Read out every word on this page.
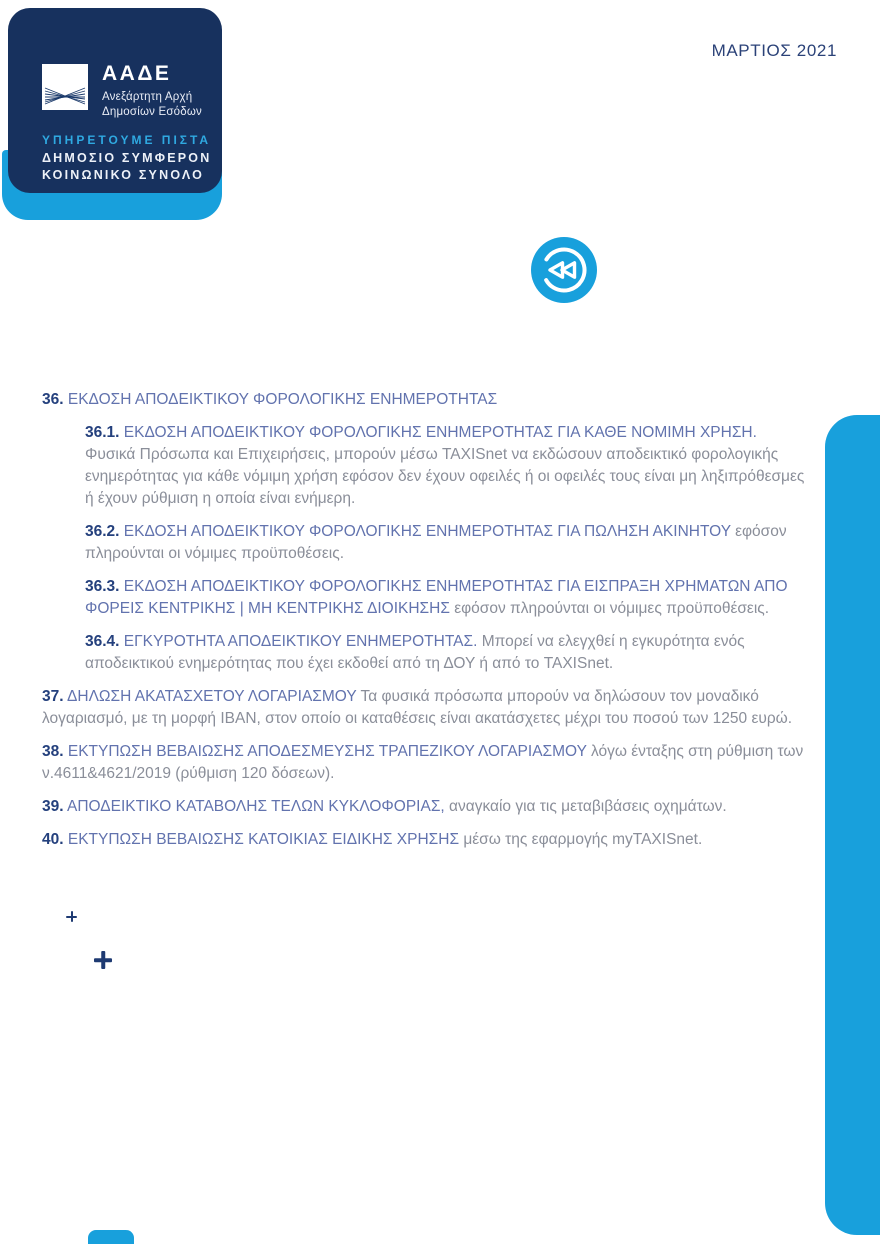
ΑΑΔΕ
Ανεξάρτητη Αρχή
Δημοσίων Εσόδων
ΥΠΗΡΕΤΟΥΜΕ ΠΙΣΤΑ
ΔΗΜΟΣΙΟ ΣΥΜΦΕΡΟΝ
ΚΟΙΝΩΝΙΚΟ ΣΥΝΟΛΟ
ΜΑΡΤΙΟΣ 2021

36. ΕΚΔΟΣΗ ΑΠΟΔΕΙΚΤΙΚΟΥ ΦΟΡΟΛΟΓΙΚΗΣ ΕΝΗΜΕΡΟΤΗΤΑΣ

36.1. ΕΚΔΟΣΗ ΑΠΟΔΕΙΚΤΙΚΟΥ ΦΟΡΟΛΟΓΙΚΗΣ ΕΝΗΜΕΡΟΤΗΤΑΣ ΓΙΑ ΚΑΘΕ ΝΟΜΙΜΗ ΧΡΗΣΗ. Φυσικά Πρόσωπα και Επιχειρήσεις, μπορούν μέσω TAXISnet να εκδώσουν αποδεικτικό φορολογικής ενημερότητας για κάθε νόμιμη χρήση εφόσον δεν έχουν οφειλές ή οι οφειλές τους είναι μη ληξιπρόθεσμες ή έχουν ρύθμιση η οποία είναι ενήμερη.

36.2. ΕΚΔΟΣΗ ΑΠΟΔΕΙΚΤΙΚΟΥ ΦΟΡΟΛΟΓΙΚΗΣ ΕΝΗΜΕΡΟΤΗΤΑΣ ΓΙΑ ΠΩΛΗΣΗ ΑΚΙΝΗΤΟΥ εφόσον πληρούνται οι νόμιμες προϋποθέσεις.

36.3. ΕΚΔΟΣΗ ΑΠΟΔΕΙΚΤΙΚΟΥ ΦΟΡΟΛΟΓΙΚΗΣ ΕΝΗΜΕΡΟΤΗΤΑΣ ΓΙΑ ΕΙΣΠΡΑΞΗ ΧΡΗΜΑΤΩΝ ΑΠΟ ΦΟΡΕΙΣ ΚΕΝΤΡΙΚΗΣ | ΜΗ ΚΕΝΤΡΙΚΗΣ ΔΙΟΙΚΗΣΗΣ εφόσον πληρούνται οι νόμιμες προϋποθέσεις.

36.4. ΕΓΚΥΡΟΤΗΤΑ ΑΠΟΔΕΙΚΤΙΚΟΥ ΕΝΗΜΕΡΟΤΗΤΑΣ. Μπορεί να ελεγχθεί η εγκυρότητα ενός αποδεικτικού ενημερότητας που έχει εκδοθεί από τη ΔΟΥ ή από το TAXISnet.

37. ΔΗΛΩΣΗ ΑΚΑΤΑΣΧΕΤΟΥ ΛΟΓΑΡΙΑΣΜΟΥ Τα φυσικά πρόσωπα μπορούν να δηλώσουν τον μοναδικό λογαριασμό, με τη μορφή IBAN, στον οποίο οι καταθέσεις είναι ακατάσχετες μέχρι του ποσού των 1250 ευρώ.

38. ΕΚΤΥΠΩΣΗ ΒΕΒΑΙΩΣΗΣ ΑΠΟΔΕΣΜΕΥΣΗΣ ΤΡΑΠΕΖΙΚΟΥ ΛΟΓΑΡΙΑΣΜΟΥ λόγω ένταξης στη ρύθμιση των ν.4611&4621/2019 (ρύθμιση 120 δόσεων).

39. ΑΠΟΔΕΙΚΤΙΚΟ ΚΑΤΑΒΟΛΗΣ ΤΕΛΩΝ ΚΥΚΛΟΦΟΡΙΑΣ, αναγκαίο για τις μεταβιβάσεις οχημάτων.

40. ΕΚΤΥΠΩΣΗ ΒΕΒΑΙΩΣΗΣ ΚΑΤΟΙΚΙΑΣ ΕΙΔΙΚΗΣ ΧΡΗΣΗΣ μέσω της εφαρμογής myTAXISnet.
